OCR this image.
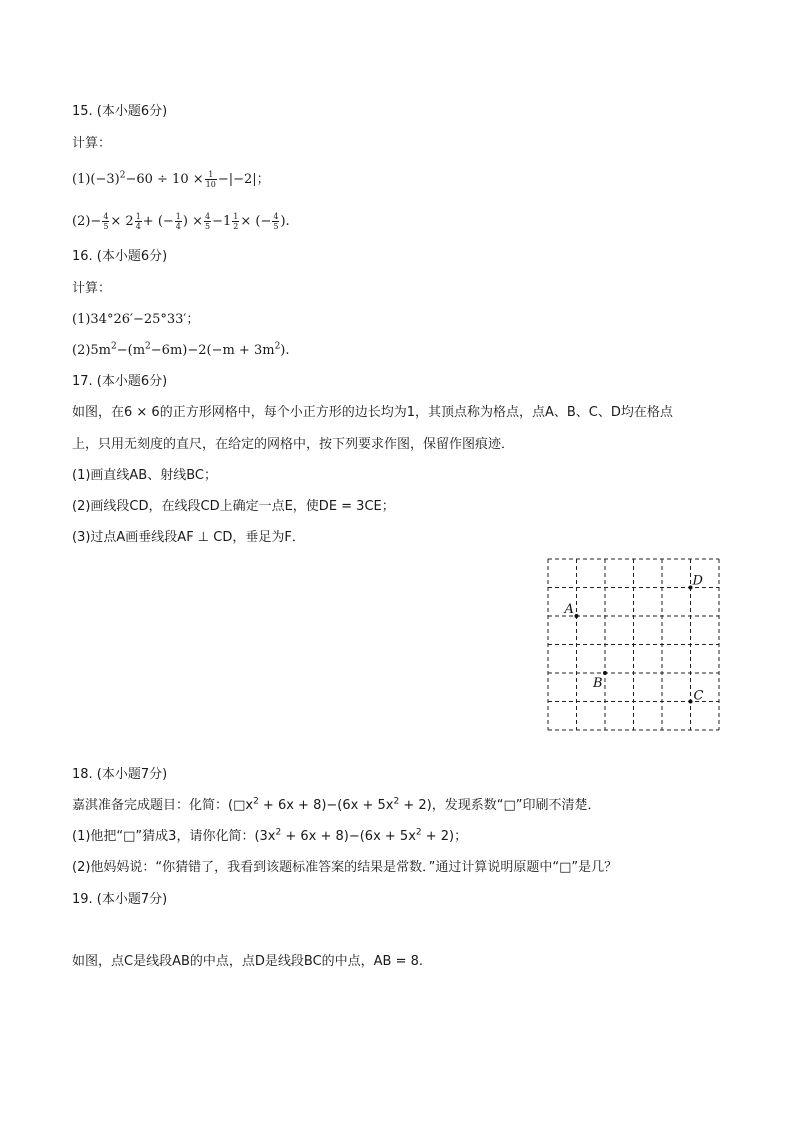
15. (本小题6分)
计算：
$(1)(-3)^2-60 \div 10 \times \frac{1}{10} -|-2|$；
$(2)- \frac{4}{5} \times 2 \frac{1}{4}$ + (− $\frac{1}{4}$ ) × $\frac{4}{5} -1 \frac{1}{2}$ × (− $\frac{4}{5}$ ).
16. (本小题6分)
计算：
(1)34°26′−25°33′；
$(2)5m^2-(m^2-6m)-2(-m + 3m^2)$.
17. (本小题6分)
如图，在6 × 6的正方形网格中，每个小正方形的边长均为1，其顶点称为格点，点A、B、C、D均在格点
上，只用无刻度的直尺，在给定的网格中，按下列要求作图，保留作图痕迹．
(1)画直线AB、射线BC；
(2)画线段CD，在线段CD上确定一点E，使DE = 3CE；
(3)过点A画垂线段AF ⊥ CD，垂足为F．
A
B
C
D
18. (本小题7分)
嘉淇准备完成题目：化简：$(□x^2 + 6x + 8)-(6x + 5x^2 + 2)$，发现系数“□”印刷不清楚．
(1)他把“□”猜成3，请你化简：$(3x^2 + 6x + 8)-(6x + 5x^2 + 2)$；
(2)他妈妈说：“你猜错了，我看到该题标准答案的结果是常数．”通过计算说明原题中“□”是几？
19. (本小题7分)
如图，点C是线段AB的中点，点D是线段BC的中点，AB = 8.
